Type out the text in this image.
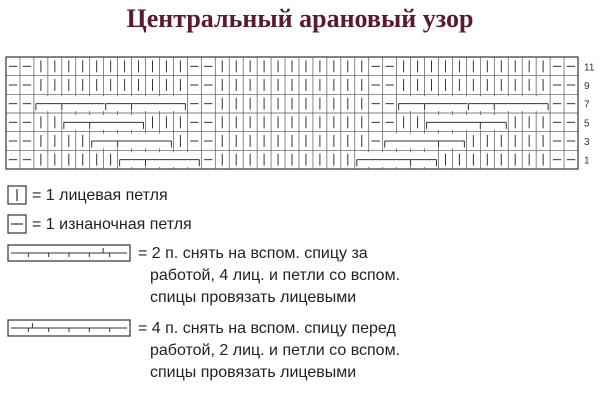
Центральный арановый узор
11
9
7
5
3
1
= 1 лицевая петля
= 1 изнаночная петля
= 2 п. снять на вспом. спицу за
работой, 4 лиц. и петли со вспом.
спицы провязать лицевыми
= 4 п. снять на вспом. спицу перед
работой, 2 лиц. и петли со вспом.
спицы провязать лицевыми
